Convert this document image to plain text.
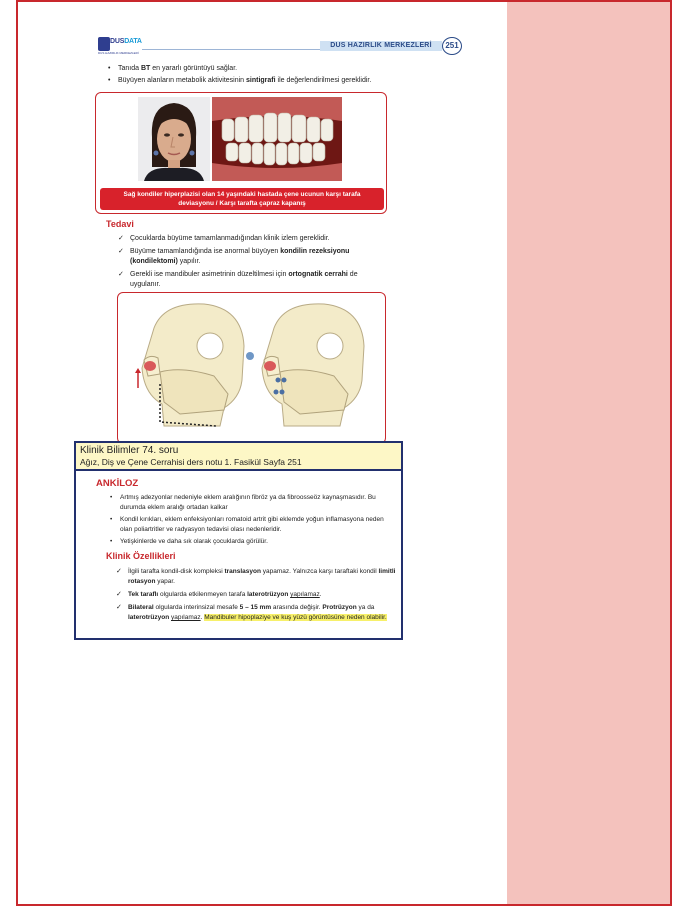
DUSDATA
DUS HAZIRLIK MERKEZLERİ
DUS HAZIRLIK MERKEZLERİ	251
• Tanıda BT en yararlı görüntüyü sağlar.
• Büyüyen alanların metabolik aktivitesinin sintigrafi ile değerlendirilmesi gereklidir.
Sağ kondiler hiperplazisi olan 14 yaşındaki hastada çene ucunun karşı tarafa
deviasyonu / Karşı tarafta çapraz kapanış
Tedavi
✓ Çocuklarda büyüme tamamlanmadığından klinik izlem gereklidir.
✓ Büyüme tamamlandığında ise anormal büyüyen kondilin rezeksiyonu (kondilektomi) yapılır.
✓ Gerekli ise mandibuler asimetrinin düzeltilmesi için ortognatik cerrahi de uygulanır.
Klinik Bilimler 74. soru
Ağız, Diş ve Çene Cerrahisi ders notu 1. Fasikül Sayfa 251
ANKİLOZ
• Artmış adezyonlar nedeniyle eklem aralığının fibröz ya da fibroosseöz kaynaşmasıdır. Bu durumda eklem aralığı ortadan kalkar
• Kondil kırıkları, eklem enfeksiyonları romatoid artrit gibi eklemde yoğun inflamasyona neden olan poliartritler ve radyasyon tedavisi olası nedenleridir.
• Yetişkinlerde ve daha sık olarak çocuklarda görülür.
Klinik Özellikleri
✓ İlgili tarafta kondil-disk kompleksi translasyon yapamaz. Yalnızca karşı taraftaki kondil limitli rotasyon yapar.
✓ Tek taraflı olgularda etkilenmeyen tarafa laterotrüzyon yapılamaz.
✓ Bilateral olgularda interinsizal mesafe 5 – 15 mm arasında değişir. Protrüzyon ya da laterotrüzyon yapılamaz. Mandibuler hipoplaziye ve kuş yüzü görüntüsüne neden olabilir.
